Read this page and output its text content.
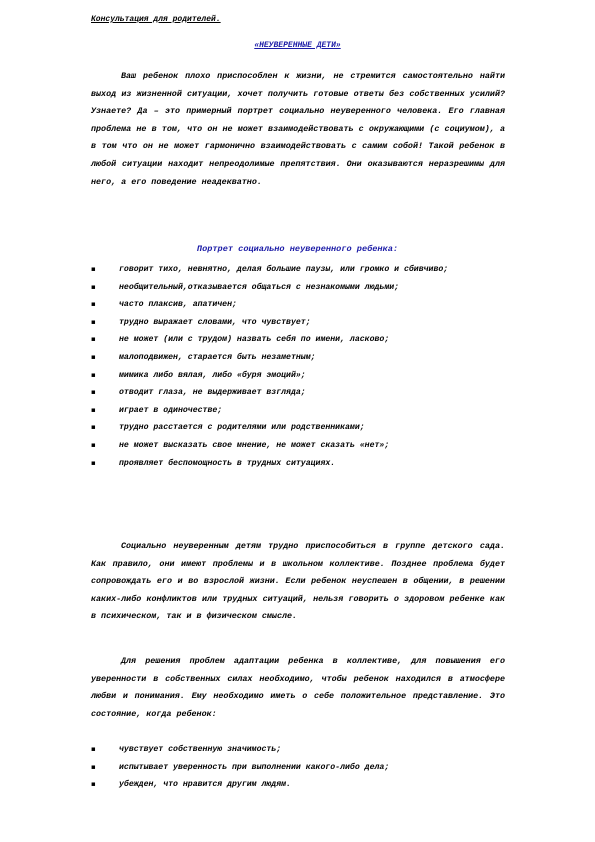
Консультация для родителей.
«НЕУВЕРЕННЫЕ ДЕТИ»

Ваш ребенок плохо приспособлен к жизни, не стремится самостоятельно найти выход из жизненной ситуации, хочет получить готовые ответы без собственных усилий? Узнаете? Да – это примерный портрет социально неуверенного человека. Его главная проблема не в том, что он не может взаимодействовать с окружающими (с социумом), а в том что он не может гармонично взаимодействовать с самим собой! Такой ребенок в любой ситуации находит непреодолимые препятствия. Они оказываются неразрешимы для него, а его поведение неадекватно.

Портрет социально неуверенного ребенка:
▪	говорит тихо, невнятно, делая большие паузы, или громко и сбивчиво;
▪	необщительный,отказывается общаться с незнакомыми людьми;
▪	часто плаксив, апатичен;
▪	трудно выражает словами, что чувствует;
▪	не может (или с трудом) назвать себя по имени, ласково;
▪	малоподвижен, старается быть незаметным;
▪	мимика либо вялая, либо «буря эмоций»;
▪	отводит глаза, не выдерживает взгляда;
▪	играет в одиночестве;
▪	трудно расстается с родителями или родственниками;
▪	не может высказать свое мнение, не может сказать «нет»;
▪	проявляет беспомощность в трудных ситуациях.

Социально неуверенным детям трудно приспособиться в группе детского сада. Как правило, они имеют проблемы и в школьном коллективе. Позднее проблема будет сопровождать его и во взрослой жизни. Если ребенок неуспешен в общении, в решении каких-либо конфликтов или трудных ситуаций, нельзя говорить о здоровом ребенке как в психическом, так и в физическом смысле.

Для решения проблем адаптации ребенка в коллективе, для повышения его уверенности в собственных силах необходимо, чтобы ребенок находился в атмосфере любви и понимания. Ему необходимо иметь о себе положительное представление. Это состояние, когда ребенок:

▪	чувствует собственную значимость;
▪	испытывает уверенность при выполнении какого-либо дела;
▪	убежден, что нравится другим людям.
